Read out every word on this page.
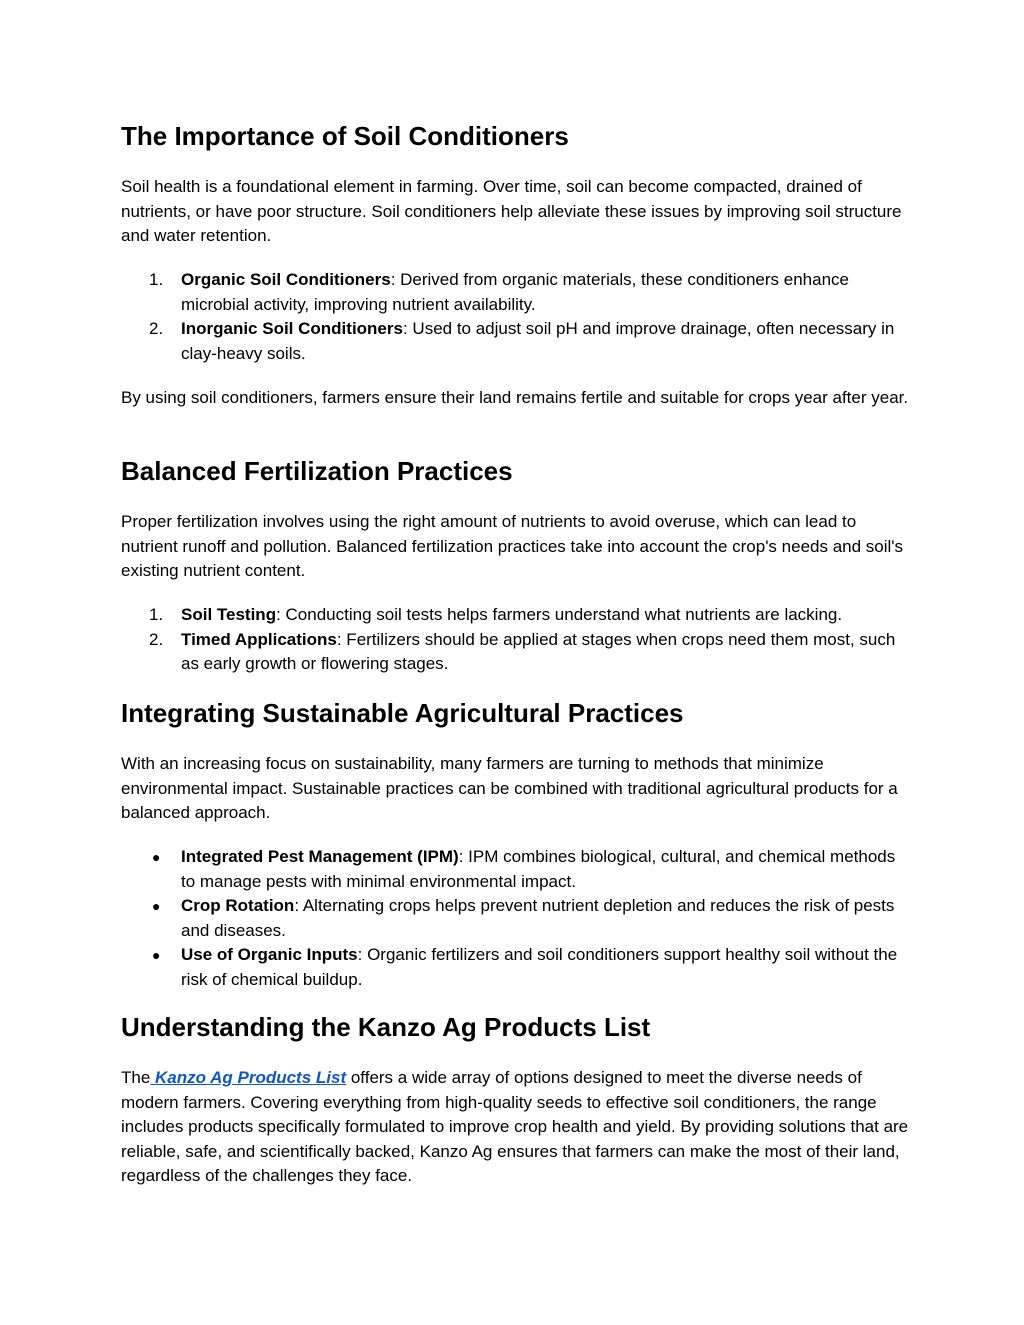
The Importance of Soil Conditioners

Soil health is a foundational element in farming. Over time, soil can become compacted, drained of nutrients, or have poor structure. Soil conditioners help alleviate these issues by improving soil structure and water retention.

1.	Organic Soil Conditioners: Derived from organic materials, these conditioners enhance microbial activity, improving nutrient availability.
2.	Inorganic Soil Conditioners: Used to adjust soil pH and improve drainage, often necessary in clay-heavy soils.

By using soil conditioners, farmers ensure their land remains fertile and suitable for crops year after year.

Balanced Fertilization Practices

Proper fertilization involves using the right amount of nutrients to avoid overuse, which can lead to nutrient runoff and pollution. Balanced fertilization practices take into account the crop's needs and soil's existing nutrient content.

1.	Soil Testing: Conducting soil tests helps farmers understand what nutrients are lacking.
2.	Timed Applications: Fertilizers should be applied at stages when crops need them most, such as early growth or flowering stages.
Integrating Sustainable Agricultural Practices

With an increasing focus on sustainability, many farmers are turning to methods that minimize environmental impact. Sustainable practices can be combined with traditional agricultural products for a balanced approach.

●	Integrated Pest Management (IPM): IPM combines biological, cultural, and chemical methods to manage pests with minimal environmental impact.
●	Crop Rotation: Alternating crops helps prevent nutrient depletion and reduces the risk of pests and diseases.
●	Use of Organic Inputs: Organic fertilizers and soil conditioners support healthy soil without the risk of chemical buildup.
Understanding the Kanzo Ag Products List

The Kanzo Ag Products List offers a wide array of options designed to meet the diverse needs of modern farmers. Covering everything from high-quality seeds to effective soil conditioners, the range includes products specifically formulated to improve crop health and yield. By providing solutions that are reliable, safe, and scientifically backed, Kanzo Ag ensures that farmers can make the most of their land, regardless of the challenges they face.
